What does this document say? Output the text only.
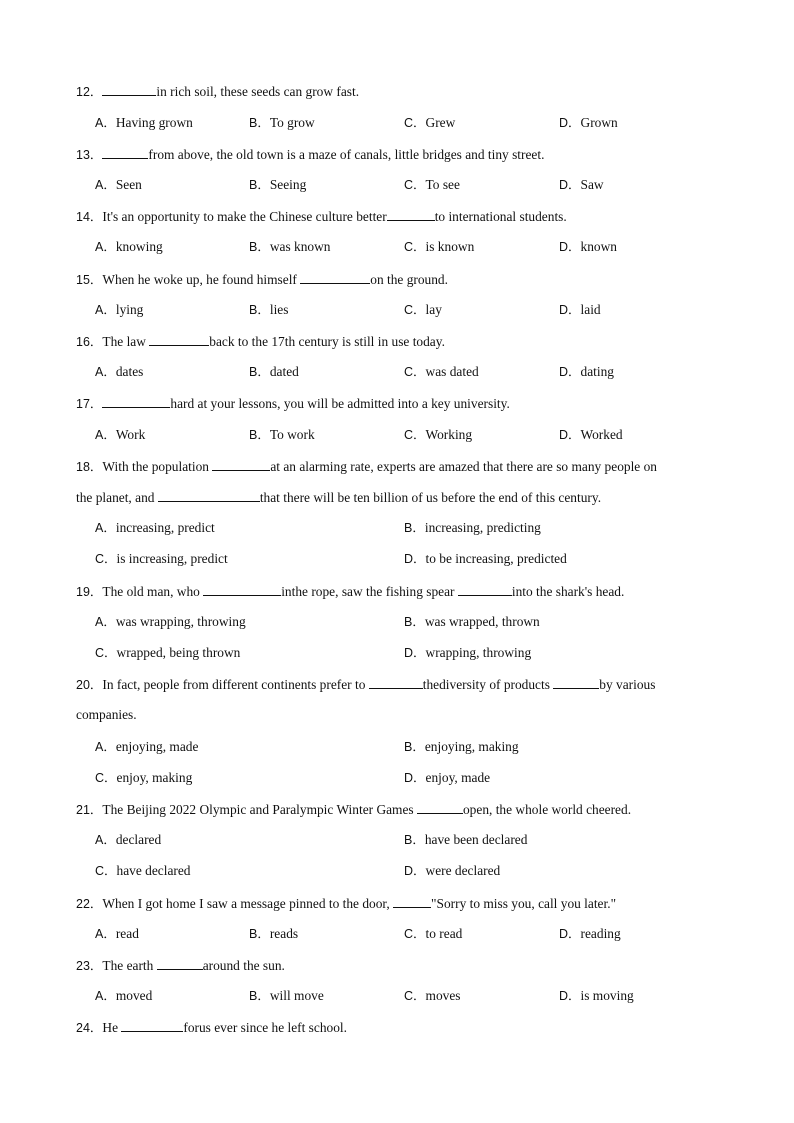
12．	in rich soil, these seeds can grow fast.
A．Having grown	B．To grow	C．Grew	D．Grown
13．	from above, the old town is a maze of canals, little bridges and tiny street.
A．Seen	B．Seeing	C．To see	D．Saw
14．It's an opportunity to make the Chinese culture better	to international students.
A．knowing	B．was known	C．is known	D．known
15．When he woke up, he found himself	on the ground.
A．lying	B．lies	C．lay	D．laid
16．The law	back to the 17th century is still in use today.
A．dates	B．dated	C．was dated	D．dating
17．	hard at your lessons, you will be admitted into a key university.
A．Work	B．To work	C．Working	D．Worked
18．With the population	at an alarming rate, experts are amazed that there are so many people on
the planet, and	that there will be ten billion of us before the end of this century.
A．increasing, predict	B．increasing, predicting
C．is increasing, predict	D．to be increasing, predicted
19．The old man, who	inthe rope, saw the fishing spear	into the shark's head.
A．was wrapping, throwing	B．was wrapped, thrown
C．wrapped, being thrown	D．wrapping, throwing
20．In fact, people from different continents prefer to	thediversity of products	by various
companies.
A．enjoying, made	B．enjoying, making
C．enjoy, making	D．enjoy, made
21．The Beijing 2022 Olympic and Paralympic Winter Games	open, the whole world cheered.
A．declared	B．have been declared
C．have declared	D．were declared
22．When I got home I saw a message pinned to the door,	"Sorry to miss you, call you later."
A．read	B．reads	C．to read	D．reading
23．The earth	around the sun.
A．moved	B．will move	C．moves	D．is moving
24．He	forus ever since he left school.
